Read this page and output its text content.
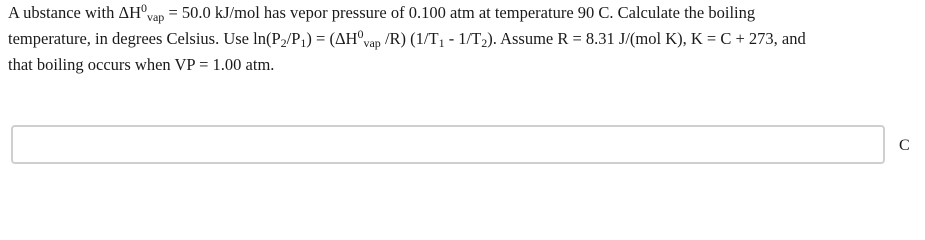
A ubstance with $\Delta H^0_{vap} = 50.0$ kJ/mol has vepor pressure of 0.100 atm at temperature 90 C. Calculate the boiling
temperature, in degrees Celsius. Use $\ln(P_2/P_1) = (\Delta H^0_{vap}$ /R) $(1/T_1 - 1/T_2)$. Assume R = 8.31 J/(mol K), K = C + 273, and
that boiling occurs when VP = 1.00 atm.
C
